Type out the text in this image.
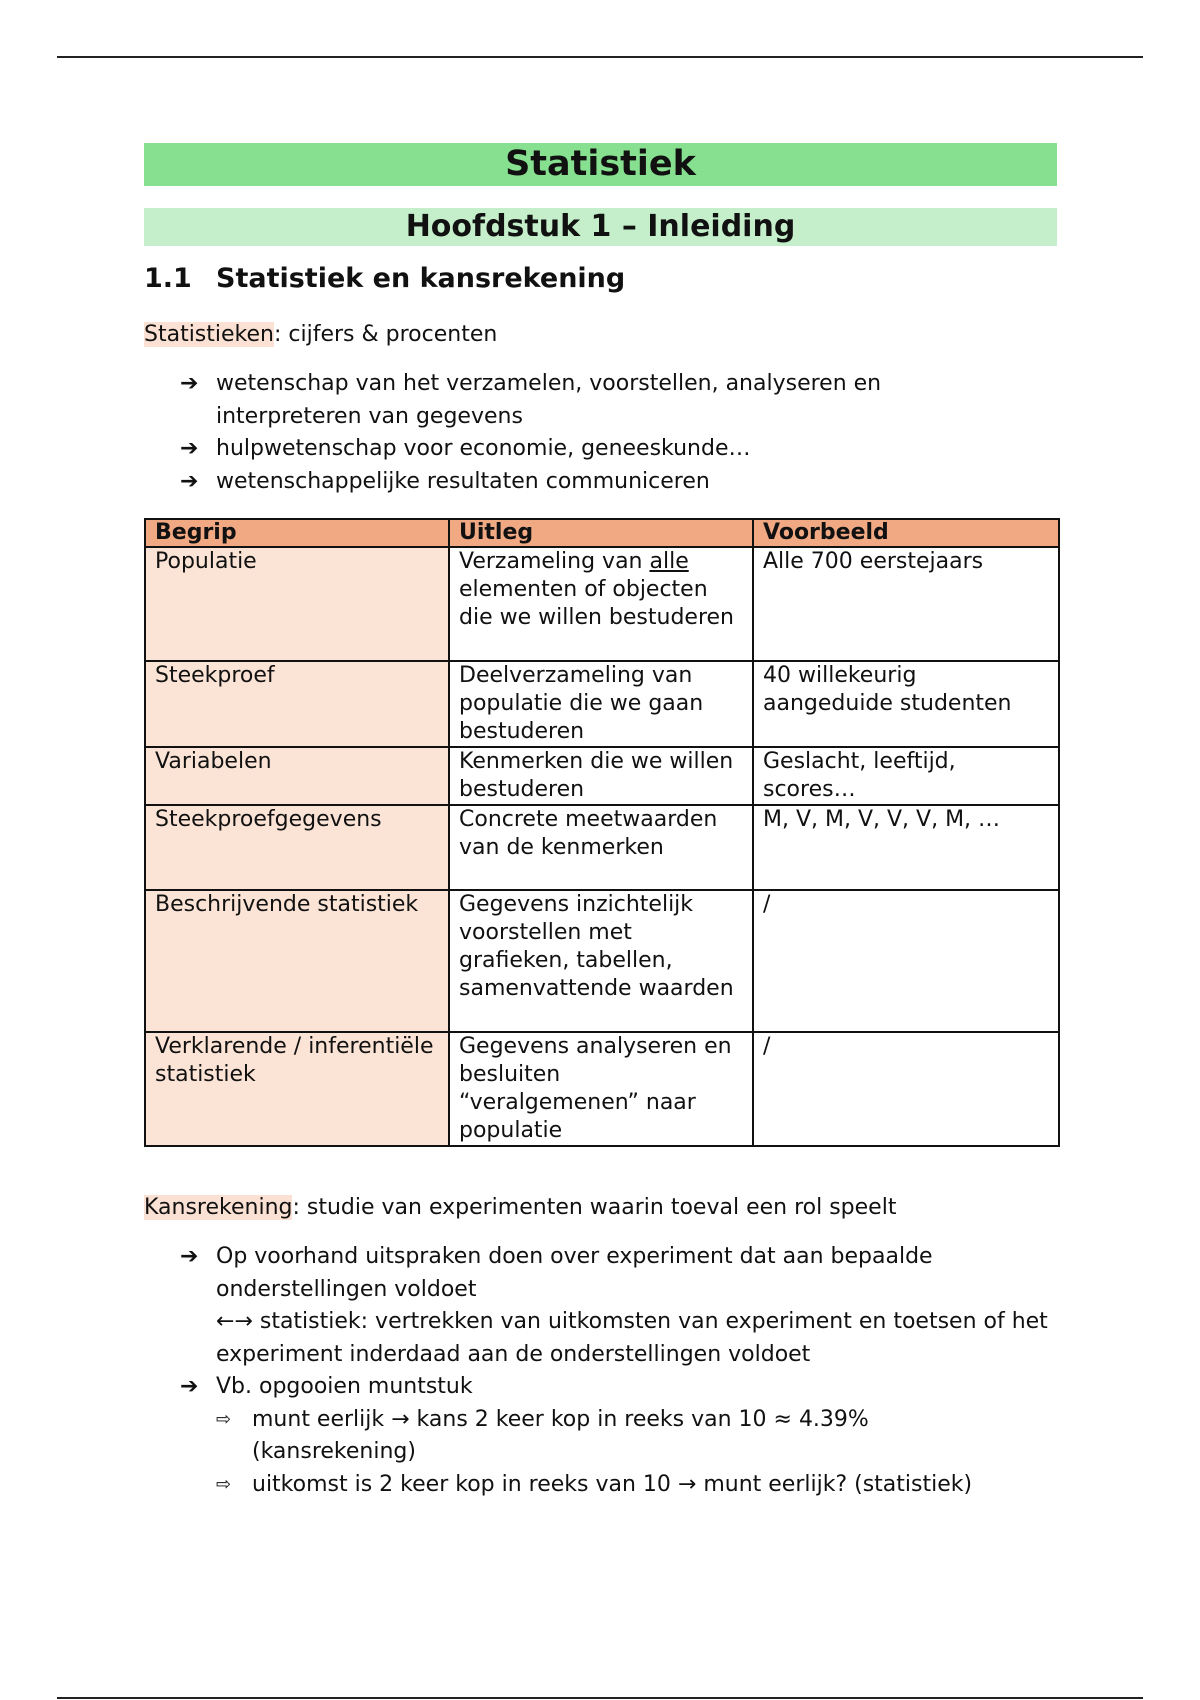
Statistiek
Hoofdstuk 1 – Inleiding
1.1 Statistiek en kansrekening
Statistieken: cijfers & procenten
➔ wetenschap van het verzamelen, voorstellen, analyseren en interpreteren van gegevens
➔ hulpwetenschap voor economie, geneeskunde…
➔ wetenschappelijke resultaten communiceren
Begrip	Uitleg	Voorbeeld
Populatie	Verzameling van alle elementen of objecten die we willen bestuderen	Alle 700 eerstejaars
Steekproef	Deelverzameling van populatie die we gaan bestuderen	40 willekeurig aangeduide studenten
Variabelen	Kenmerken die we willen bestuderen	Geslacht, leeftijd, scores…
Steekproefgegevens	Concrete meetwaarden van de kenmerken	M, V, M, V, V, V, M, …
Beschrijvende statistiek	Gegevens inzichtelijk voorstellen met grafieken, tabellen, samenvattende waarden	/
Verklarende / inferentiële statistiek	Gegevens analyseren en besluiten “veralgemenen” naar populatie	/
Kansrekening: studie van experimenten waarin toeval een rol speelt
➔ Op voorhand uitspraken doen over experiment dat aan bepaalde onderstellingen voldoet
←→ statistiek: vertrekken van uitkomsten van experiment en toetsen of het experiment inderdaad aan de onderstellingen voldoet
➔ Vb. opgooien muntstuk
⇨ munt eerlijk → kans 2 keer kop in reeks van 10 ≈ 4.39% (kansrekening)
⇨ uitkomst is 2 keer kop in reeks van 10 → munt eerlijk? (statistiek)
